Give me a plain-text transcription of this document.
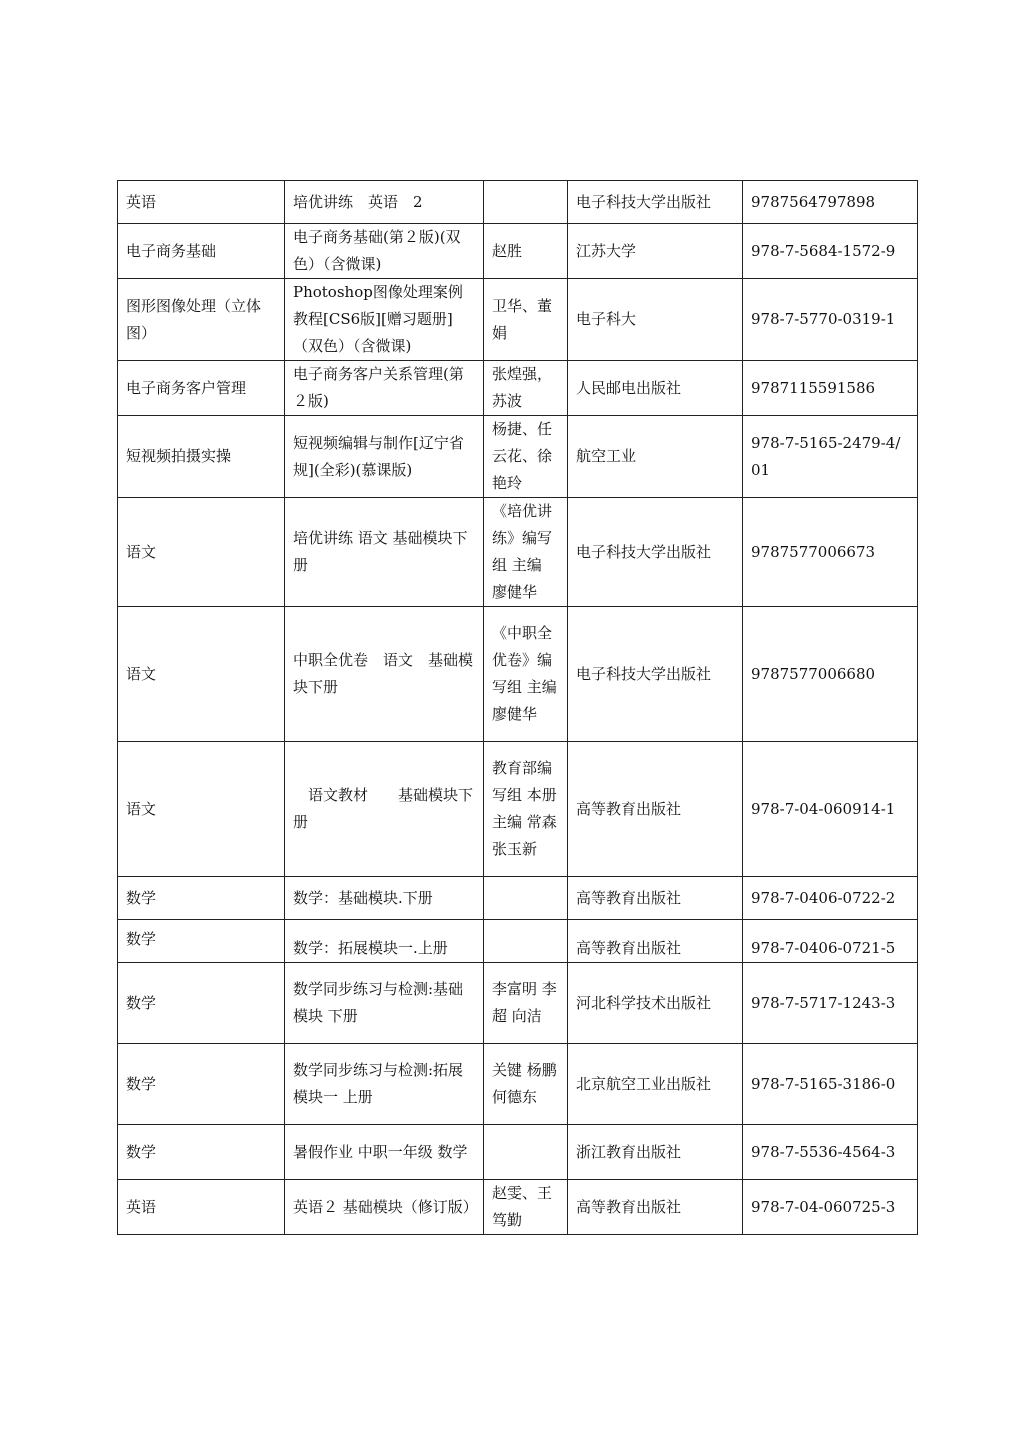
英语	培优讲练　英语　2		电子科技大学出版社	9787564797898
电子商务基础	电子商务基础(第２版)(双色）（含微课)	赵胜	江苏大学	978-7-5684-1572-9
图形图像处理（立体图）	Photoshop图像处理案例教程[CS6版][赠习题册]（双色）（含微课)	卫华、董娟	电子科大	978-7-5770-0319-1
电子商务客户管理	电子商务客户关系管理(第２版)	张煌强，苏波	人民邮电出版社	9787115591586
短视频拍摄实操	短视频编辑与制作[辽宁省规](全彩)(慕课版)	杨捷、任云花、徐艳玲	航空工业	978-7-5165-2479-4/01
语文	培优讲练 语文 基础模块下册	《培优讲练》编写组 主编 廖健华	电子科技大学出版社	9787577006673
语文	中职全优卷　语文　基础模块下册	《中职全优卷》编写组 主编 廖健华	电子科技大学出版社	9787577006680
语文	　语文教材　　基础模块下册	教育部编写组 本册主编 常森 张玉新	高等教育出版社	978-7-04-060914-1
数学	数学：基础模块.下册		高等教育出版社	978-7-0406-0722-2
数学	数学：拓展模块一.上册		高等教育出版社	978-7-0406-0721-5
数学	数学同步练习与检测:基础模块 下册	李富明 李超 向洁	河北科学技术出版社	978-7-5717-1243-3
数学	数学同步练习与检测:拓展模块一 上册	关键 杨鹏 何德东	北京航空工业出版社	978-7-5165-3186-0
数学	暑假作业 中职一年级 数学		浙江教育出版社	978-7-5536-4564-3
英语	英语２ 基础模块（修订版）	赵雯、王笃勤	高等教育出版社	978-7-04-060725-3
